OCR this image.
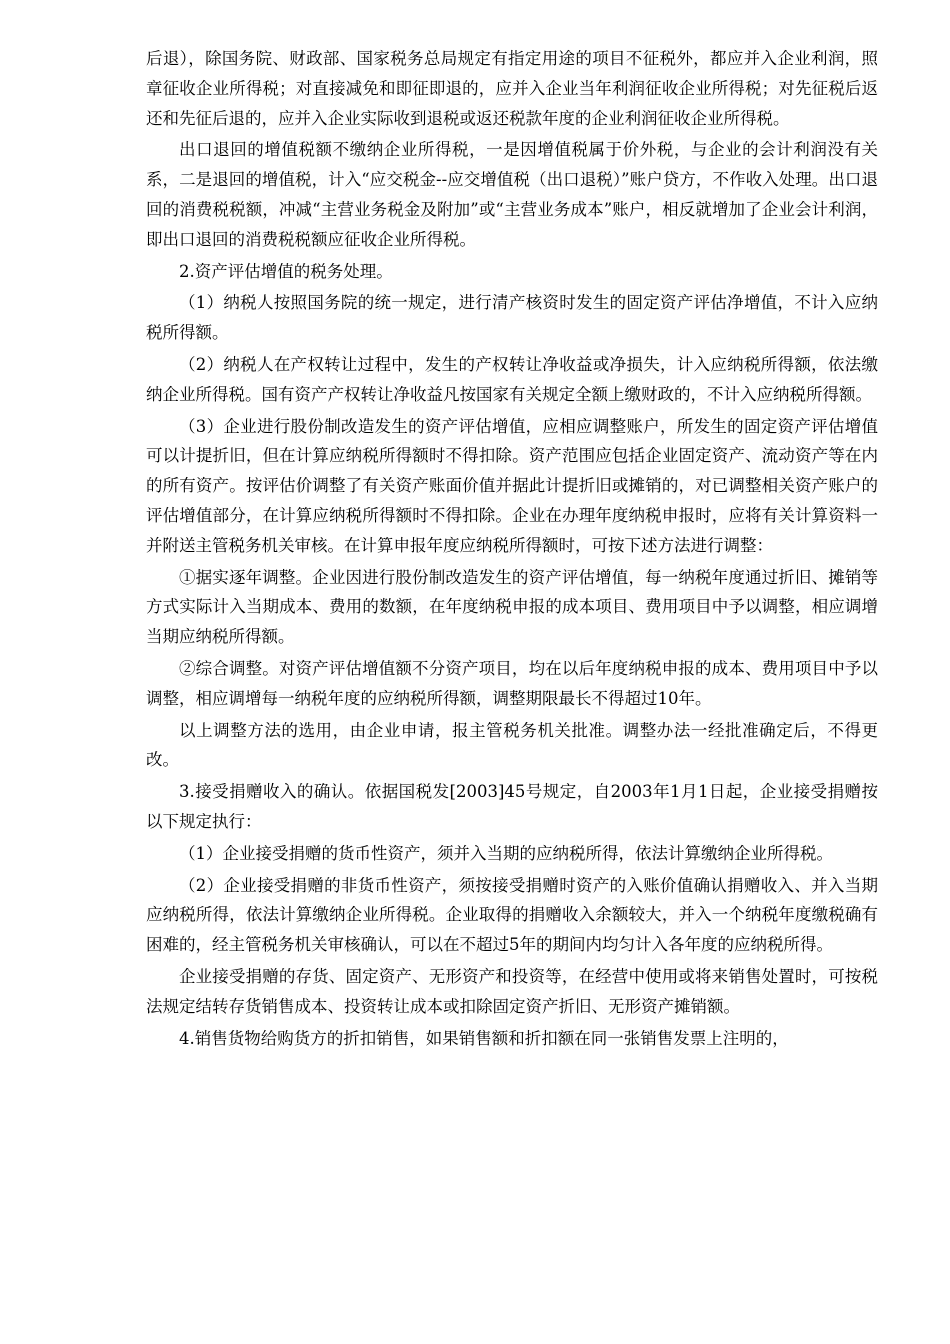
后退），除国务院、财政部、国家税务总局规定有指定用途的项目不征税外，都应并入企业利润，照章征收企业所得税；对直接减免和即征即退的，应并入企业当年利润征收企业所得税；对先征税后返还和先征后退的，应并入企业实际收到退税或返还税款年度的企业利润征收企业所得税。

出口退回的增值税额不缴纳企业所得税，一是因增值税属于价外税，与企业的会计利润没有关系，二是退回的增值税，计入“应交税金--应交增值税（出口退税）”账户贷方，不作收入处理。出口退回的消费税税额，冲减“主营业务税金及附加”或“主营业务成本”账户，相反就增加了企业会计利润，即出口退回的消费税税额应征收企业所得税。

2.资产评估增值的税务处理。

（1）纳税人按照国务院的统一规定，进行清产核资时发生的固定资产评估净增值，不计入应纳税所得额。

（2）纳税人在产权转让过程中，发生的产权转让净收益或净损失，计入应纳税所得额，依法缴纳企业所得税。国有资产产权转让净收益凡按国家有关规定全额上缴财政的，不计入应纳税所得额。

（3）企业进行股份制改造发生的资产评估增值，应相应调整账户，所发生的固定资产评估增值可以计提折旧，但在计算应纳税所得额时不得扣除。资产范围应包括企业固定资产、流动资产等在内的所有资产。按评估价调整了有关资产账面价值并据此计提折旧或摊销的，对已调整相关资产账户的评估增值部分，在计算应纳税所得额时不得扣除。企业在办理年度纳税申报时，应将有关计算资料一并附送主管税务机关审核。在计算申报年度应纳税所得额时，可按下述方法进行调整：

①据实逐年调整。企业因进行股份制改造发生的资产评估增值，每一纳税年度通过折旧、摊销等方式实际计入当期成本、费用的数额，在年度纳税申报的成本项目、费用项目中予以调整，相应调增当期应纳税所得额。

②综合调整。对资产评估增值额不分资产项目，均在以后年度纳税申报的成本、费用项目中予以调整，相应调增每一纳税年度的应纳税所得额，调整期限最长不得超过10年。

以上调整方法的选用，由企业申请，报主管税务机关批准。调整办法一经批准确定后，不得更改。

3.接受捐赠收入的确认。依据国税发[2003]45号规定，自2003年1月1日起，企业接受捐赠按以下规定执行：

（1）企业接受捐赠的货币性资产，须并入当期的应纳税所得，依法计算缴纳企业所得税。

（2）企业接受捐赠的非货币性资产，须按接受捐赠时资产的入账价值确认捐赠收入、并入当期应纳税所得，依法计算缴纳企业所得税。企业取得的捐赠收入余额较大，并入一个纳税年度缴税确有困难的，经主管税务机关审核确认，可以在不超过5年的期间内均匀计入各年度的应纳税所得。

企业接受捐赠的存货、固定资产、无形资产和投资等，在经营中使用或将来销售处置时，可按税法规定结转存货销售成本、投资转让成本或扣除固定资产折旧、无形资产摊销额。

4.销售货物给购货方的折扣销售，如果销售额和折扣额在同一张销售发票上注明的，
